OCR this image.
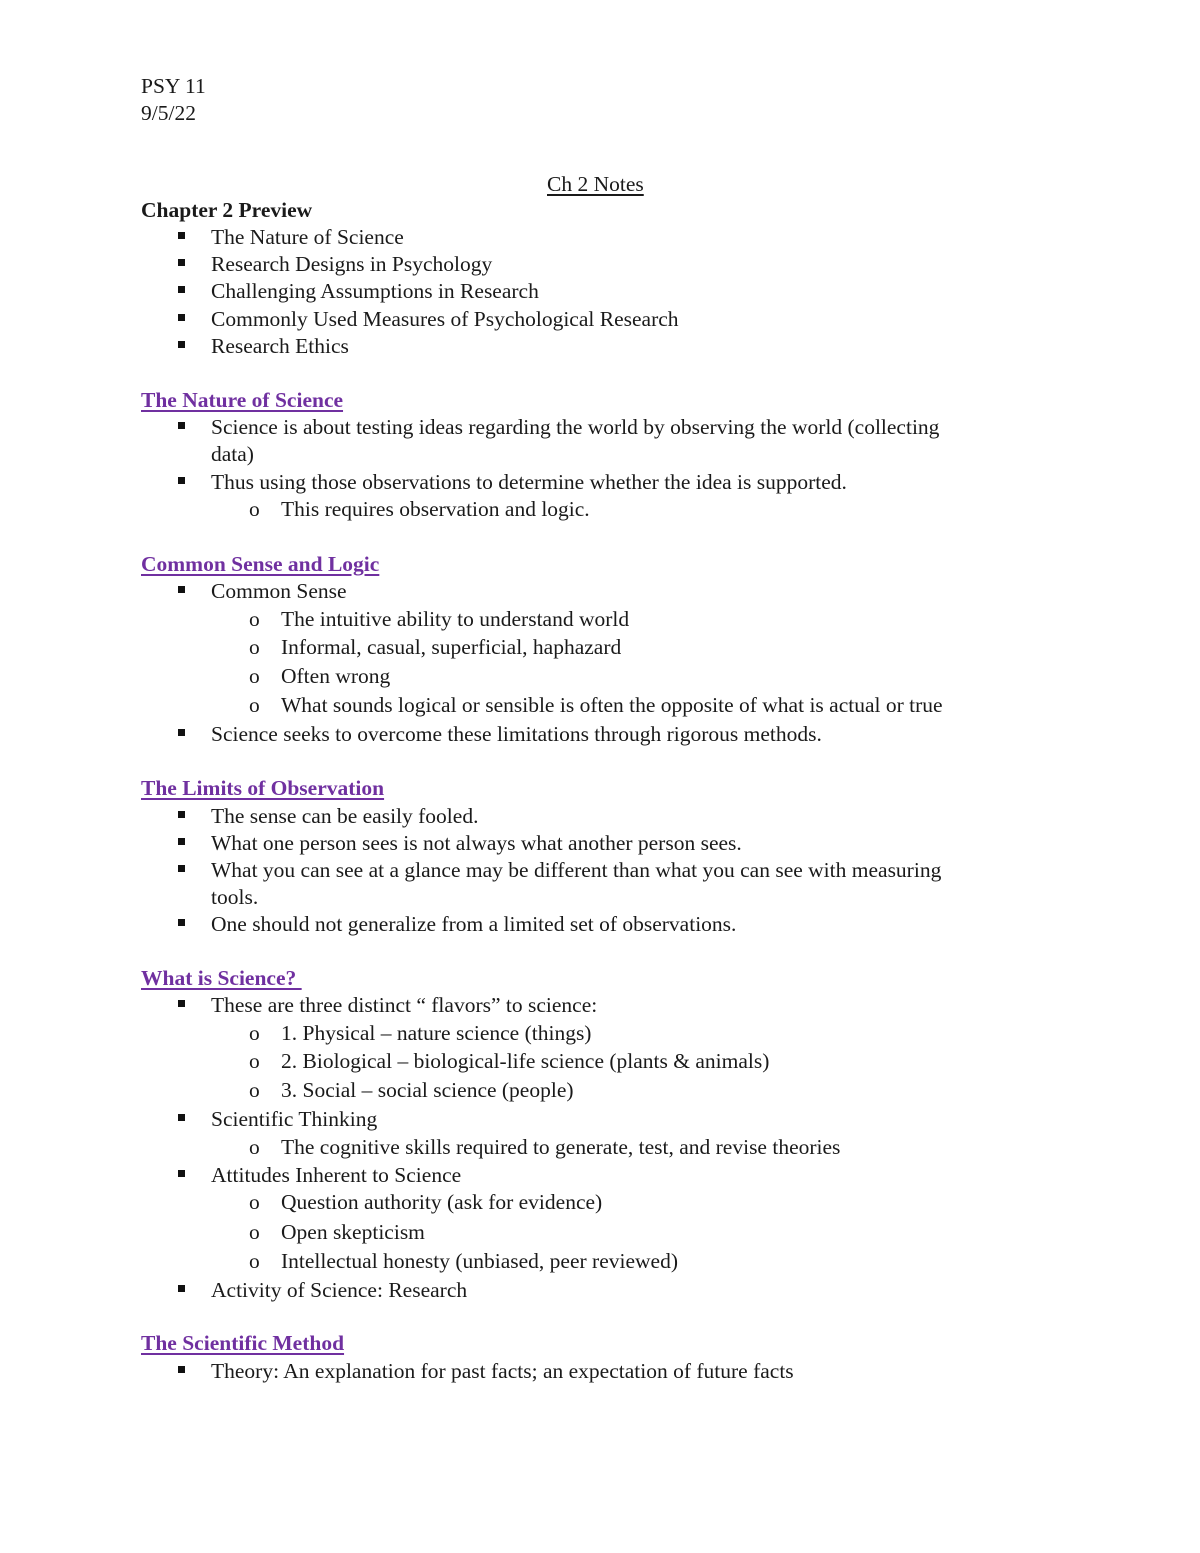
PSY 11
9/5/22
Ch 2 Notes
Chapter 2 Preview
The Nature of Science
Research Designs in Psychology
Challenging Assumptions in Research
Commonly Used Measures of Psychological Research
Research Ethics
The Nature of Science
Science is about testing ideas regarding the world by observing the world (collecting
data)
Thus using those observations to determine whether the idea is supported.
o This requires observation and logic.
Common Sense and Logic
Common Sense
o The intuitive ability to understand world
o Informal, casual, superficial, haphazard
o Often wrong
o What sounds logical or sensible is often the opposite of what is actual or true
Science seeks to overcome these limitations through rigorous methods.
The Limits of Observation
The sense can be easily fooled.
What one person sees is not always what another person sees.
What you can see at a glance may be different than what you can see with measuring
tools.
One should not generalize from a limited set of observations.
What is Science?
These are three distinct “ flavors” to science:
o 1. Physical – nature science (things)
o 2. Biological – biological-life science (plants & animals)
o 3. Social – social science (people)
Scientific Thinking
o The cognitive skills required to generate, test, and revise theories
Attitudes Inherent to Science
o Question authority (ask for evidence)
o Open skepticism
o Intellectual honesty (unbiased, peer reviewed)
Activity of Science: Research
The Scientific Method
Theory: An explanation for past facts; an expectation of future facts
